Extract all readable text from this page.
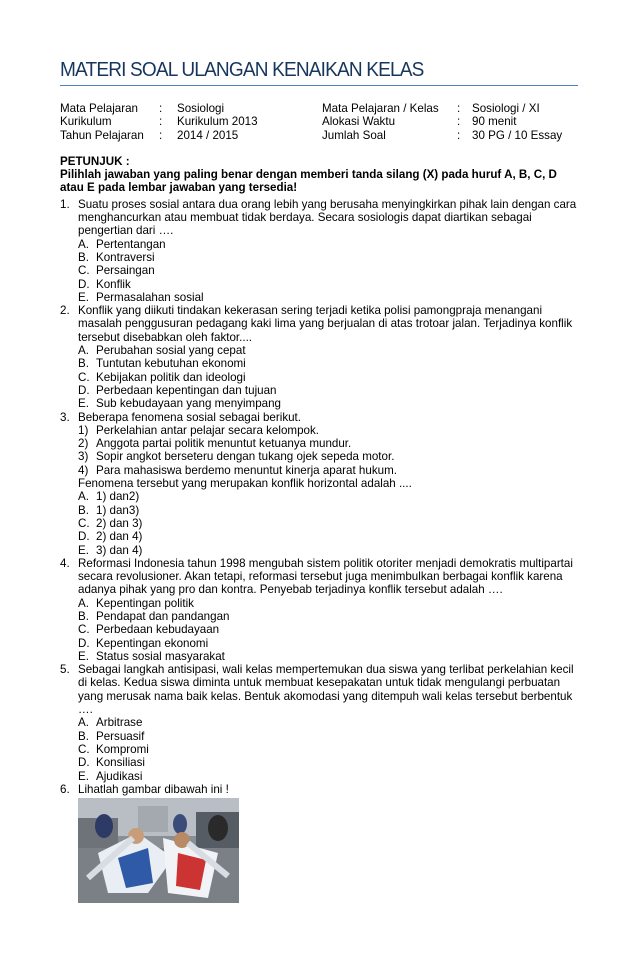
MATERI SOAL ULANGAN KENAIKAN KELAS
Mata Pelajaran
Kurikulum
Tahun Pelajaran
:
:
:
Sosiologi
Kurikulum 2013
2014 / 2015
Mata Pelajaran / Kelas
Alokasi Waktu
Jumlah Soal
:
:
:
Sosiologi / XI
90 menit
30 PG / 10 Essay
PETUNJUK :
Pilihlah jawaban yang paling benar dengan memberi tanda silang (X) pada huruf A, B, C, D atau E pada lembar jawaban yang tersedia!
1. Suatu proses sosial antara dua orang lebih yang berusaha menyingkirkan pihak lain dengan cara menghancurkan atau membuat tidak berdaya. Secara sosiologis dapat diartikan sebagai pengertian dari ….
A. Pertentangan
B. Kontraversi
C. Persaingan
D. Konflik
E. Permasalahan sosial
2. Konflik yang diikuti tindakan kekerasan sering terjadi ketika polisi pamongpraja menangani masalah penggusuran pedagang kaki lima yang berjualan di atas trotoar jalan. Terjadinya konflik tersebut disebabkan oleh faktor....
A. Perubahan sosial yang cepat
B. Tuntutan kebutuhan ekonomi
C. Kebijakan politik dan ideologi
D. Perbedaan kepentingan dan tujuan
E. Sub kebudayaan yang menyimpang
3. Beberapa fenomena sosial sebagai berikut.
1) Perkelahian antar pelajar secara kelompok.
2) Anggota partai politik menuntut ketuanya mundur.
3) Sopir angkot berseteru dengan tukang ojek sepeda motor.
4) Para mahasiswa berdemo menuntut kinerja aparat hukum.
Fenomena tersebut yang merupakan konflik horizontal adalah ....
A. 1) dan2)
B. 1) dan3)
C. 2) dan 3)
D. 2) dan 4)
E. 3) dan 4)
4. Reformasi Indonesia tahun 1998 mengubah sistem politik otoriter menjadi demokratis multipartai secara revolusioner. Akan tetapi, reformasi tersebut juga menimbulkan berbagai konflik karena adanya pihak yang pro dan kontra. Penyebab terjadinya konflik tersebut adalah ….
A. Kepentingan politik
B. Pendapat dan pandangan
C. Perbedaan kebudayaan
D. Kepentingan ekonomi
E. Status sosial masyarakat
5. Sebagai langkah antisipasi, wali kelas mempertemukan dua siswa yang terlibat perkelahian kecil di kelas. Kedua siswa diminta untuk membuat kesepakatan untuk tidak mengulangi perbuatan yang merusak nama baik kelas. Bentuk akomodasi yang ditempuh wali kelas tersebut berbentuk ….
A. Arbitrase
B. Persuasif
C. Kompromi
D. Konsiliasi
E. Ajudikasi
6. Lihatlah gambar dibawah ini !
